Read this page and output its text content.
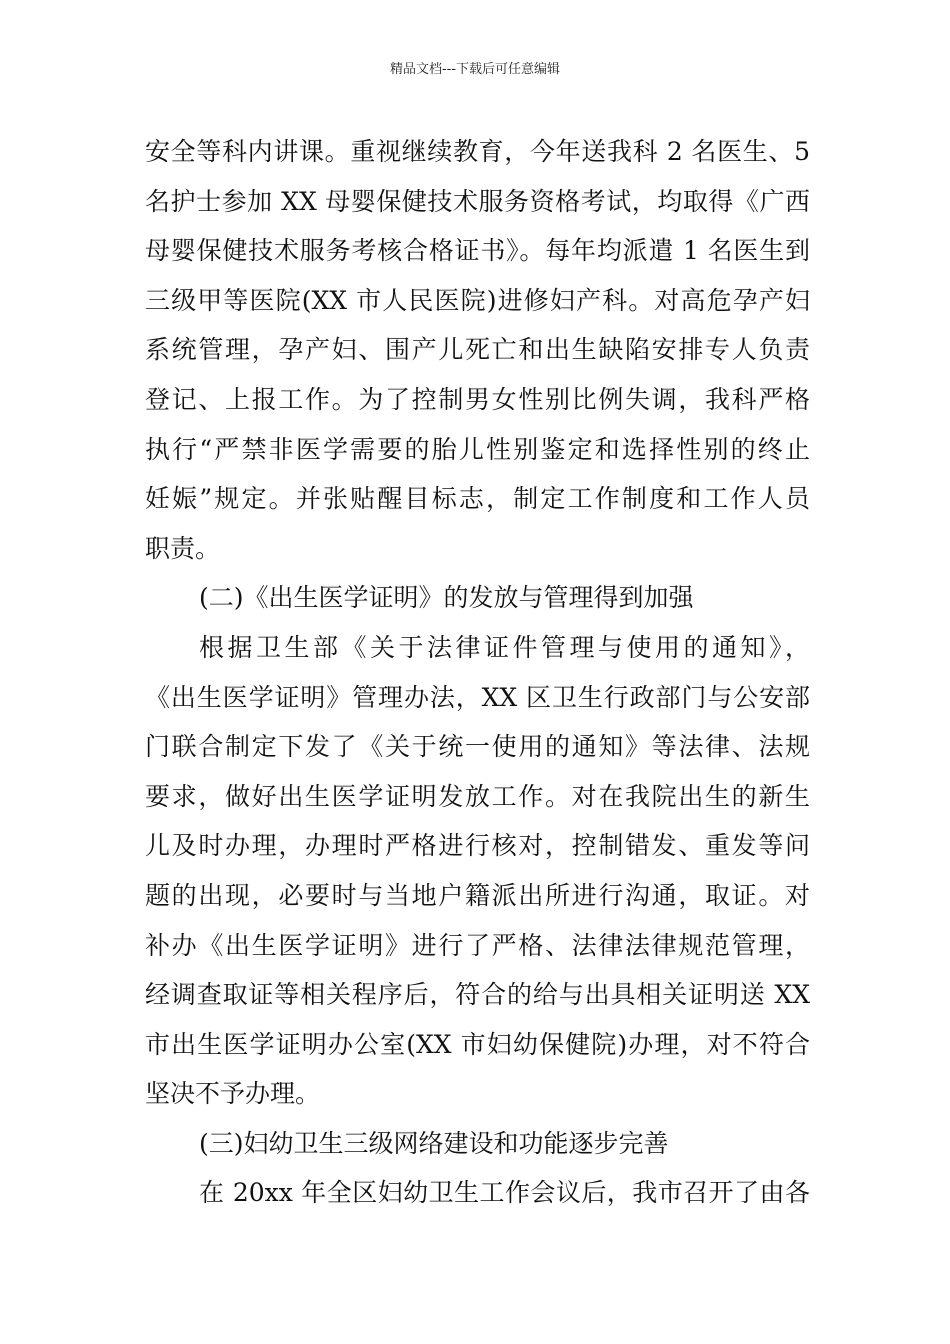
精品文档---下载后可任意编辑
安全等科内讲课。重视继续教育，今年送我科 2 名医生、5
名护士参加 XX 母婴保健技术服务资格考试，均取得《广西
母婴保健技术服务考核合格证书》。每年均派遣 1 名医生到
三级甲等医院(XX 市人民医院)进修妇产科。对高危孕产妇
系统管理，孕产妇、围产儿死亡和出生缺陷安排专人负责
登记、上报工作。为了控制男女性别比例失调，我科严格
执行“严禁非医学需要的胎儿性别鉴定和选择性别的终止
妊娠”规定。并张贴醒目标志，制定工作制度和工作人员
职责。
(二)《出生医学证明》的发放与管理得到加强
根据卫生部《关于法律证件管理与使用的通知》，
《出生医学证明》管理办法，XX 区卫生行政部门与公安部
门联合制定下发了《关于统一使用的通知》等法律、法规
要求，做好出生医学证明发放工作。对在我院出生的新生
儿及时办理，办理时严格进行核对，控制错发、重发等问
题的出现，必要时与当地户籍派出所进行沟通，取证。对
补办《出生医学证明》进行了严格、法律法律规范管理，
经调查取证等相关程序后，符合的给与出具相关证明送 XX
市出生医学证明办公室(XX 市妇幼保健院)办理，对不符合
坚决不予办理。
(三)妇幼卫生三级网络建设和功能逐步完善
在 20xx 年全区妇幼卫生工作会议后，我市召开了由各
